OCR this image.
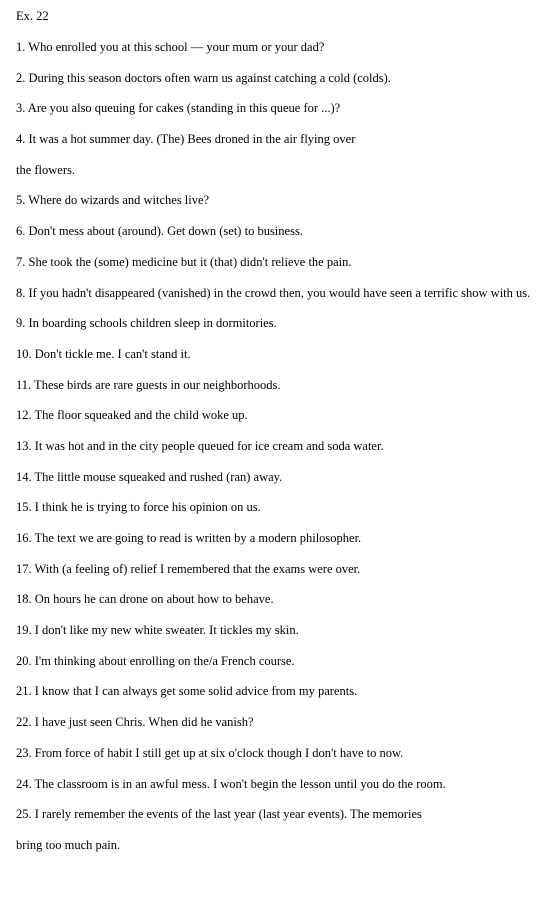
Ex. 22
1. Who enrolled you at this school — your mum or your dad?
2. During this season doctors often warn us against catching a cold (colds).
3. Are you also queuing for cakes (standing in this queue for ...)?
4. It was a hot summer day. (The) Bees droned in the air flying over
the flowers.
5. Where do wizards and witches live?
6. Don't mess about (around). Get down (set) to business.
7. She took the (some) medicine but it (that) didn't relieve the pain.
8. If you hadn't disappeared (vanished) in the crowd then, you would have seen a terrific show with us.
9. In boarding schools children sleep in dormitories.
10. Don't tickle me. I can't stand it.
11. These birds are rare guests in our neighborhoods.
12. The floor squeaked and the child woke up.
13. It was hot and in the city people queued for ice cream and soda water.
14. The little mouse squeaked and rushed (ran) away.
15. I think he is trying to force his opinion on us.
16. The text we are going to read is written by a modern philosopher.
17. With (a feeling of) relief I remembered that the exams were over.
18. On hours he can drone on about how to behave.
19. I don't like my new white sweater. It tickles my skin.
20. I'm thinking about enrolling on the/a French course.
21. I know that I can always get some solid advice from my parents.
22. I have just seen Chris. When did he vanish?
23. From force of habit I still get up at six o'clock though I don't have to now.
24. The classroom is in an awful mess. I won't begin the lesson until you do the room.
25. I rarely remember the events of the last year (last year events). The memories
bring too much pain.
